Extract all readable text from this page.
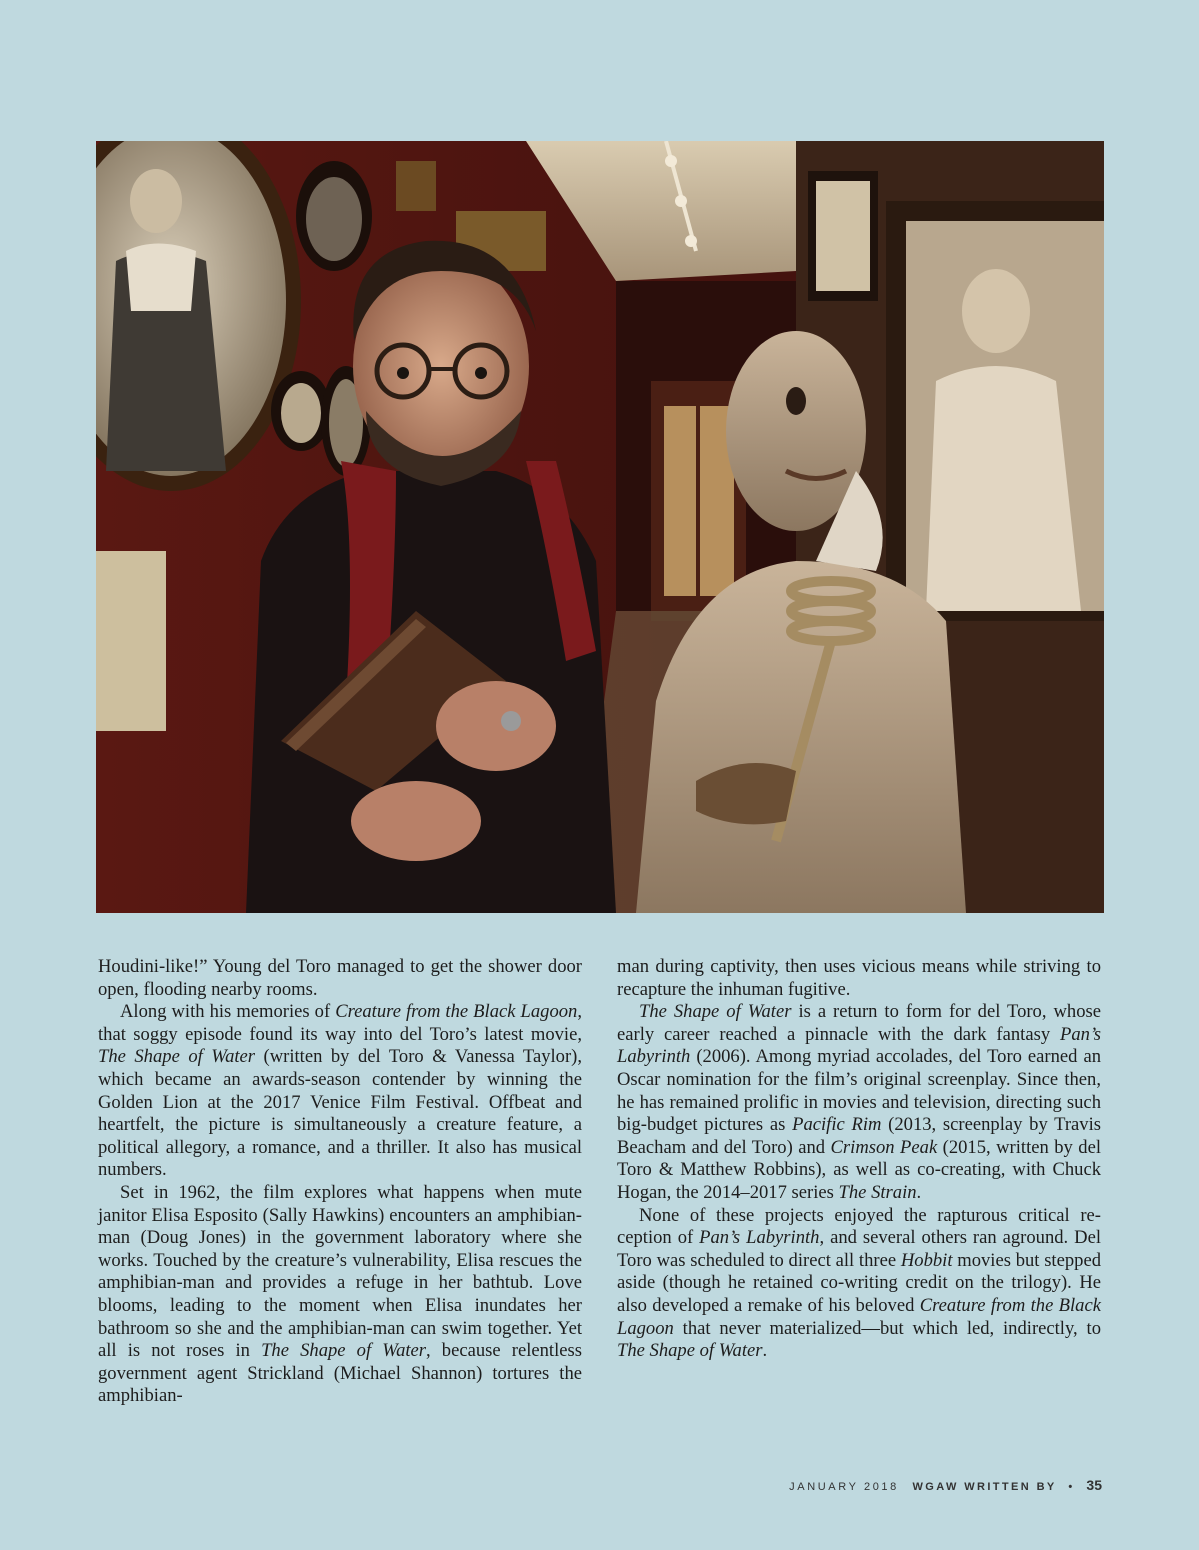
Houdini-like!” Young del Toro managed to get the shower door open, flooding nearby rooms.

Along with his memories of Creature from the Black Lagoon, that soggy episode found its way into del Toro’s latest movie, The Shape of Water (written by del Toro & Vanessa Taylor), which became an awards-season contender by winning the Golden Lion at the 2017 Venice Film Festival. Offbeat and heartfelt, the picture is simultaneously a creature feature, a political allegory, a romance, and a thriller. It also has musical numbers.

Set in 1962, the film explores what happens when mute janitor Elisa Esposito (Sally Hawkins) encounters an amphibian-man (Doug Jones) in the government laboratory where she works. Touched by the creature’s vulnerability, Elisa rescues the amphibian-man and provides a refuge in her bathtub. Love blooms, leading to the moment when Elisa inundates her bathroom so she and the amphibian-man can swim together. Yet all is not roses in The Shape of Water, because relentless government agent Strickland (Michael Shannon) tortures the amphibian-

man during captivity, then uses vicious means while striving to recapture the inhuman fugitive.

The Shape of Water is a return to form for del Toro, whose early career reached a pinnacle with the dark fantasy Pan’s Labyrinth (2006). Among myriad accolades, del Toro earned an Oscar nomination for the film’s original screenplay. Since then, he has remained prolific in movies and television, directing such big-budget pictures as Pacific Rim (2013, screenplay by Travis Beacham and del Toro) and Crimson Peak (2015, written by del Toro & Matthew Robbins), as well as co-creating, with Chuck Hogan, the 2014–2017 series The Strain.

None of these projects enjoyed the rapturous critical reception of Pan’s Labyrinth, and several others ran aground. Del Toro was scheduled to direct all three Hobbit movies but stepped aside (though he retained co-writing credit on the trilogy). He also developed a remake of his beloved Creature from the Black Lagoon that never materialized—but which led, indirectly, to The Shape of Water.

JANUARY 2018 WGAW WRITTEN BY • 35
